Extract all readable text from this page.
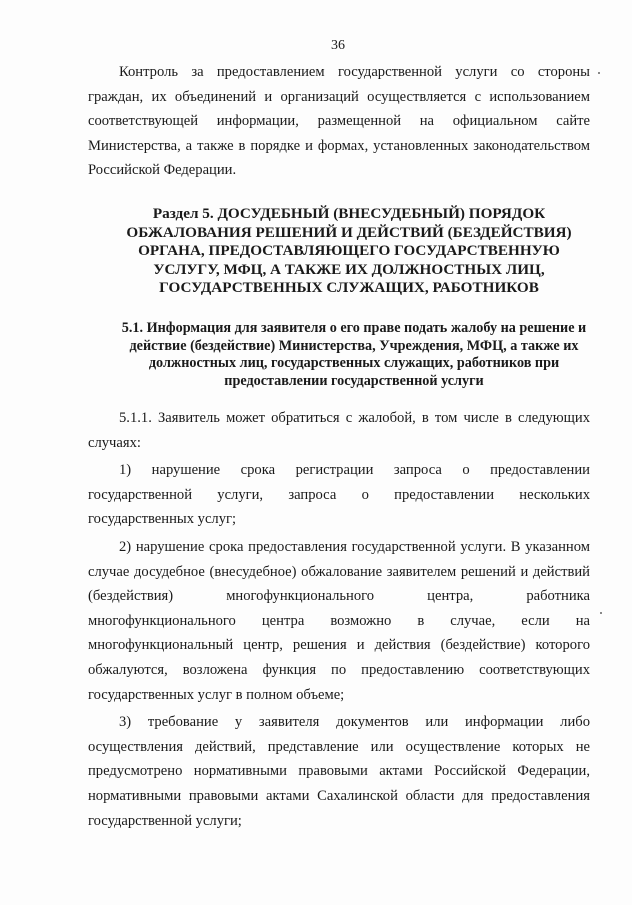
36

Контроль за предоставлением государственной услуги со стороны граждан, их объединений и организаций осуществляется с использованием соответствующей информации, размещенной на официальном сайте Министерства, а также в порядке и формах, установленных законодательством Российской Федерации.

Раздел 5. ДОСУДЕБНЫЙ (ВНЕСУДЕБНЫЙ) ПОРЯДОК ОБЖАЛОВАНИЯ РЕШЕНИЙ И ДЕЙСТВИЙ (БЕЗДЕЙСТВИЯ) ОРГАНА, ПРЕДОСТАВЛЯЮЩЕГО ГОСУДАРСТВЕННУЮ УСЛУГУ, МФЦ, А ТАКЖЕ ИХ ДОЛЖНОСТНЫХ ЛИЦ, ГОСУДАРСТВЕННЫХ СЛУЖАЩИХ, РАБОТНИКОВ
5.1. Информация для заявителя о его праве подать жалобу на решение и действие (бездействие) Министерства, Учреждения, МФЦ, а также их должностных лиц, государственных служащих, работников при предоставлении государственной услуги

5.1.1. Заявитель может обратиться с жалобой, в том числе в следующих случаях:

1) нарушение срока регистрации запроса о предоставлении государственной услуги, запроса о предоставлении нескольких государственных услуг;

2) нарушение срока предоставления государственной услуги. В указанном случае досудебное (внесудебное) обжалование заявителем решений и действий (бездействия) многофункционального центра, работника многофункционального центра возможно в случае, если на многофункциональный центр, решения и действия (бездействие) которого обжалуются, возложена функция по предоставлению соответствующих государственных услуг в полном объеме;

3) требование у заявителя документов или информации либо осуществления действий, представление или осуществление которых не предусмотрено нормативными правовыми актами Российской Федерации, нормативными правовыми актами Сахалинской области для предоставления государственной услуги;
